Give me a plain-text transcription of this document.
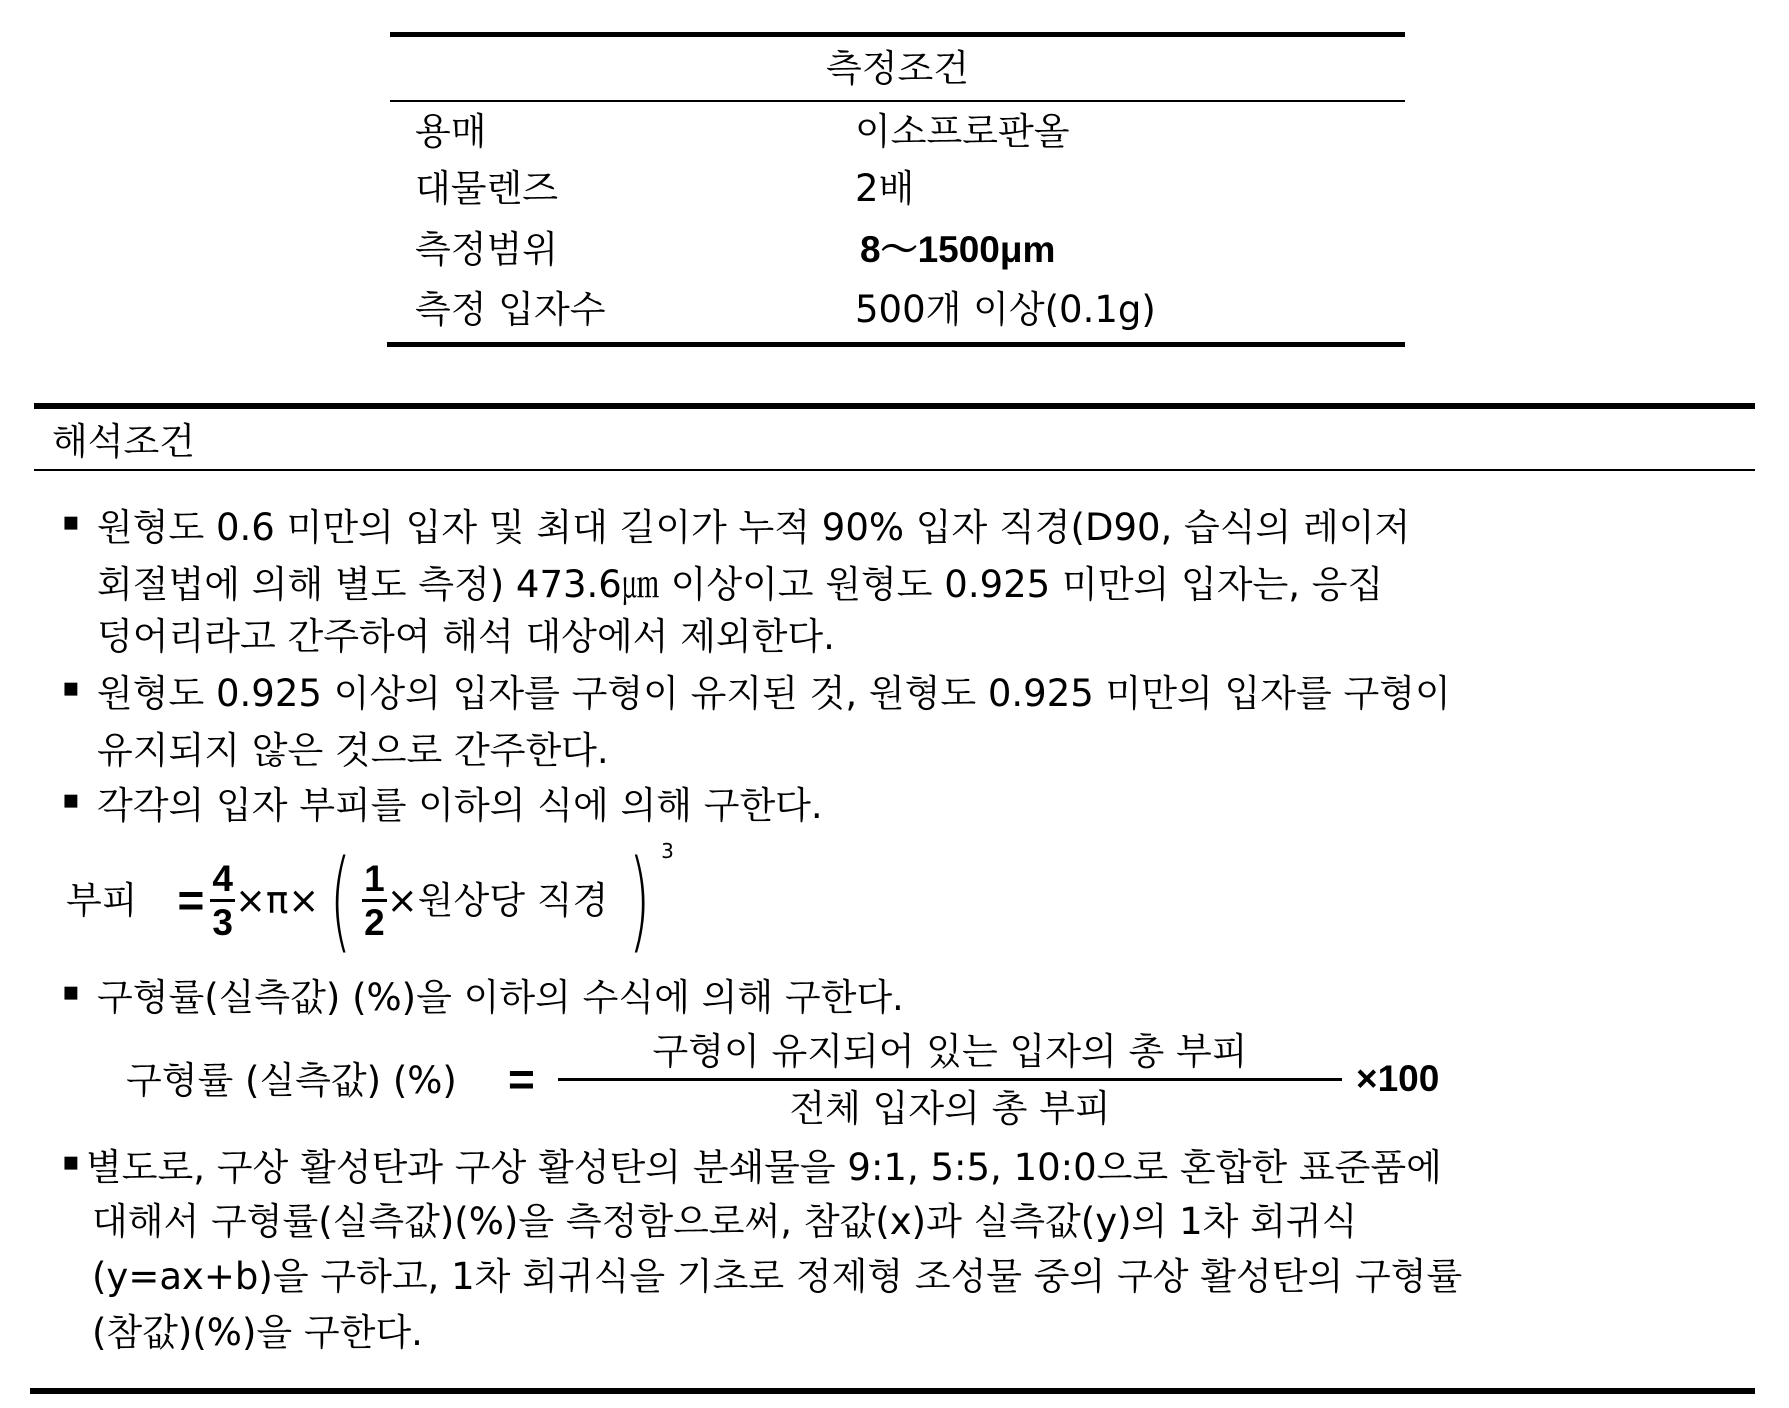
측정조건
용매	이소프로판올
대물렌즈	2배
측정범위	8～1500μm
측정 입자수	500개 이상(0.1g)
해석조건
▪ 원형도 0.6 미만의 입자 및 최대 길이가 누적 90% 입자 직경(D90, 습식의 레이저
회절법에 의해 별도 측정) 473.6㎛ 이상이고 원형도 0.925 미만의 입자는, 응집
덩어리라고 간주하여 해석 대상에서 제외한다.
▪ 원형도 0.925 이상의 입자를 구형이 유지된 것, 원형도 0.925 미만의 입자를 구형이
유지되지 않은 것으로 간주한다.
▪ 각각의 입자 부피를 이하의 식에 의해 구한다.
부피 = 4
3
×π× ( 1
2
×원상당 직경 ) 3
▪ 구형률(실측값) (%)을 이하의 수식에 의해 구한다.
구형률 (실측값) (%) =
구형이 유지되어 있는 입자의 총 부피
전체 입자의 총 부피
×100
▪ 별도로, 구상 활성탄과 구상 활성탄의 분쇄물을 9:1, 5:5, 10:0으로 혼합한 표준품에
대해서 구형률(실측값)(%)을 측정함으로써, 참값(x)과 실측값(y)의 1차 회귀식
(y=ax+b)을 구하고, 1차 회귀식을 기초로 정제형 조성물 중의 구상 활성탄의 구형률
(참값)(%)을 구한다.
